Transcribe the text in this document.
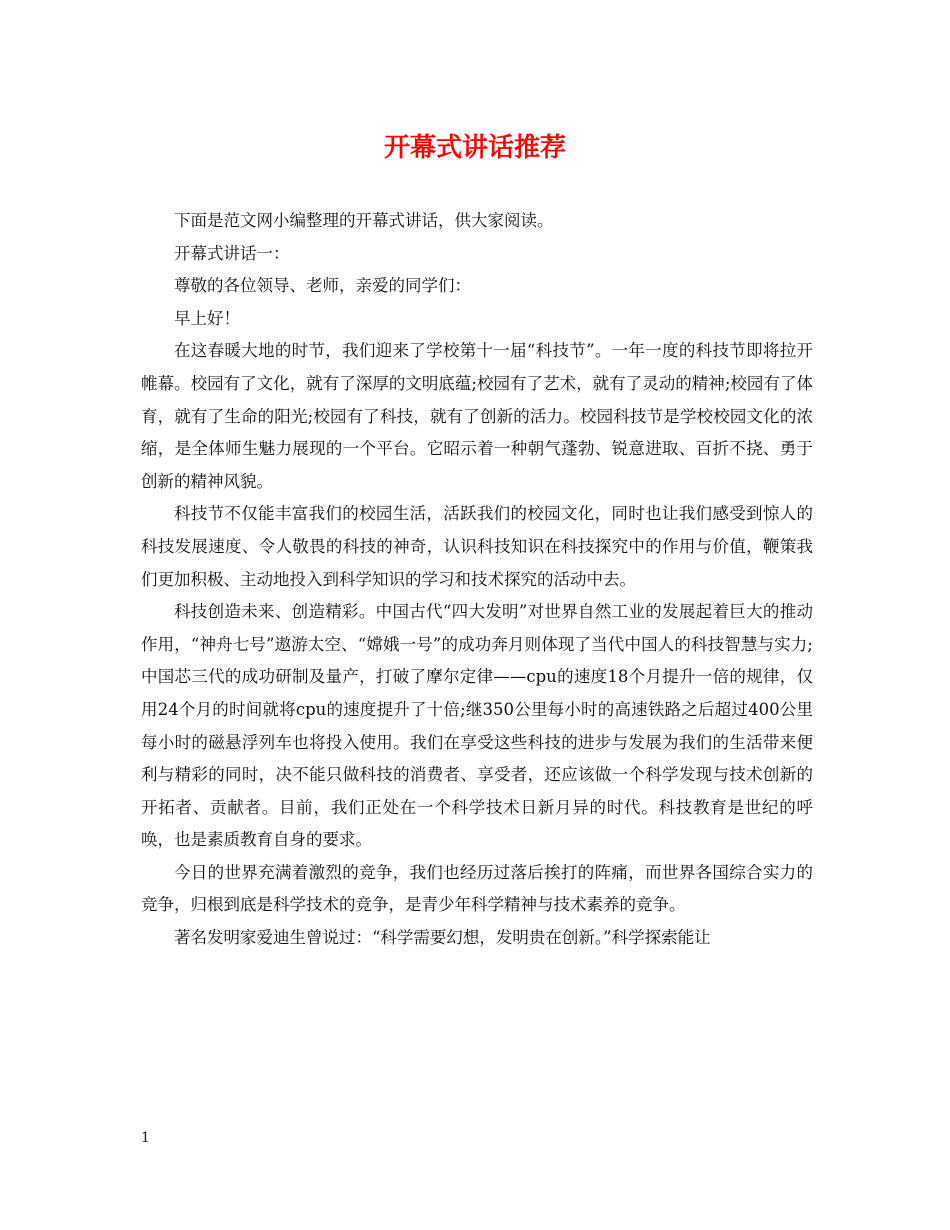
开幕式讲话推荐

下面是范文网小编整理的开幕式讲话，供大家阅读。

开幕式讲话一：

尊敬的各位领导、老师，亲爱的同学们：

早上好！

在这春暖大地的时节，我们迎来了学校第十一届“科技节”。一年一度的科技节即将拉开帷幕。校园有了文化，就有了深厚的文明底蕴;校园有了艺术，就有了灵动的精神;校园有了体育，就有了生命的阳光;校园有了科技，就有了创新的活力。校园科技节是学校校园文化的浓缩，是全体师生魅力展现的一个平台。它昭示着一种朝气蓬勃、锐意进取、百折不挠、勇于创新的精神风貌。

科技节不仅能丰富我们的校园生活，活跃我们的校园文化，同时也让我们感受到惊人的科技发展速度、令人敬畏的科技的神奇，认识科技知识在科技探究中的作用与价值，鞭策我们更加积极、主动地投入到科学知识的学习和技术探究的活动中去。

科技创造未来、创造精彩。中国古代“四大发明”对世界自然工业的发展起着巨大的推动作用，“神舟七号”遨游太空、“嫦娥一号”的成功奔月则体现了当代中国人的科技智慧与实力;中国芯三代的成功研制及量产，打破了摩尔定律——cpu的速度18个月提升一倍的规律，仅用24个月的时间就将cpu的速度提升了十倍;继350公里每小时的高速铁路之后超过400公里每小时的磁悬浮列车也将投入使用。我们在享受这些科技的进步与发展为我们的生活带来便利与精彩的同时，决不能只做科技的消费者、享受者，还应该做一个科学发现与技术创新的开拓者、贡献者。目前，我们正处在一个科学技术日新月异的时代。科技教育是世纪的呼唤，也是素质教育自身的要求。

今日的世界充满着激烈的竞争，我们也经历过落后挨打的阵痛，而世界各国综合实力的竞争，归根到底是科学技术的竞争，是青少年科学精神与技术素养的竞争。

著名发明家爱迪生曾说过：“科学需要幻想，发明贵在创新。”科学探索能让

1
